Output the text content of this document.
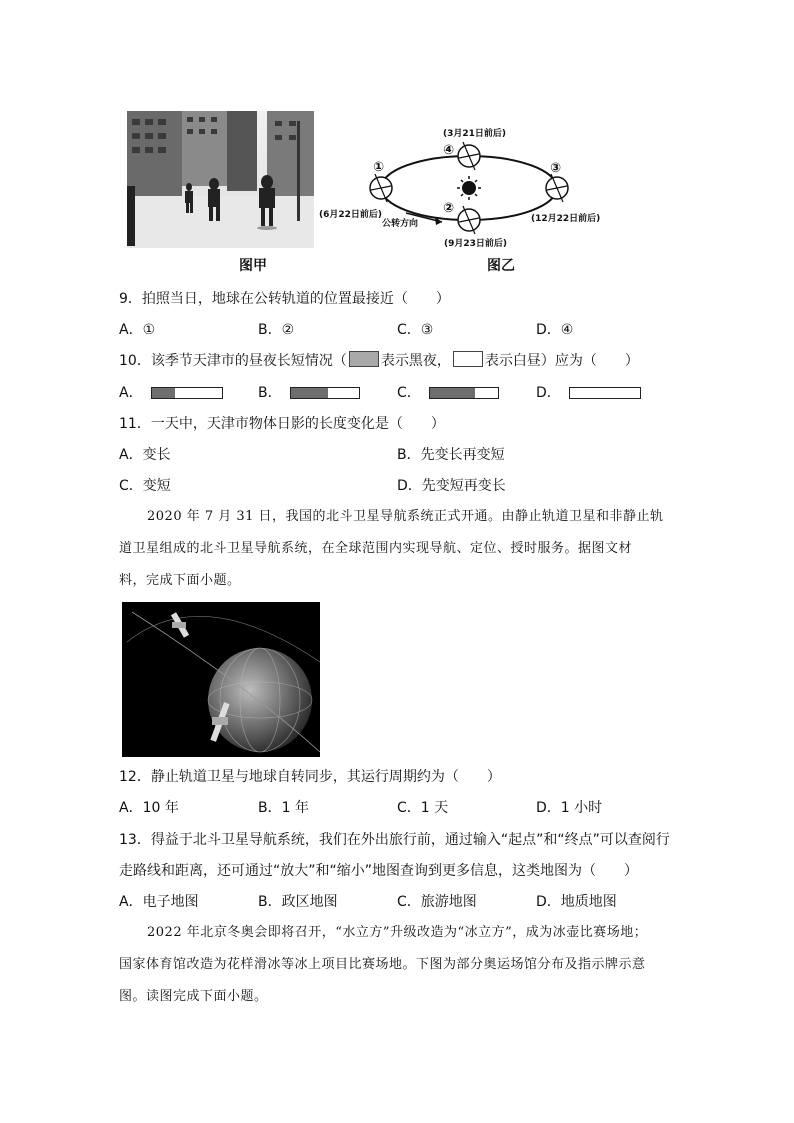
(3月21日前后)
(6月22日前后)	(12月22日前后)
(9月23日前后)
公转方向
①
④
③
②
图甲	图乙
9．拍照当日，地球在公转轨道的位置最接近（　　）
A．①	B．②	C．③	D．④
10．该季节天津市的昼夜长短情况（ 表示黑夜， 表示白昼）应为（　　）
A．	B．	C．	D．
11．一天中，天津市物体日影的长度变化是（　　）
A．变长	B．先变长再变短
C．变短	D．先变短再变长
2020 年 7 月 31 日，我国的北斗卫星导航系统正式开通。由静止轨道卫星和非静止轨
道卫星组成的北斗卫星导航系统，在全球范围内实现导航、定位、授时服务。据图文材
料，完成下面小题。
12．静止轨道卫星与地球自转同步，其运行周期约为（　　）
A．10 年	B．1 年	C．1 天	D．1 小时
13．得益于北斗卫星导航系统，我们在外出旅行前，通过输入“起点”和“终点”可以查阅行
走路线和距离，还可通过“放大”和“缩小”地图查询到更多信息，这类地图为（　　）
A．电子地图	B．政区地图	C．旅游地图	D．地质地图
2022 年北京冬奥会即将召开，“水立方”升级改造为“冰立方”，成为冰壶比赛场地；
国家体育馆改造为花样滑冰等冰上项目比赛场地。下图为部分奥运场馆分布及指示牌示意
图。读图完成下面小题。
